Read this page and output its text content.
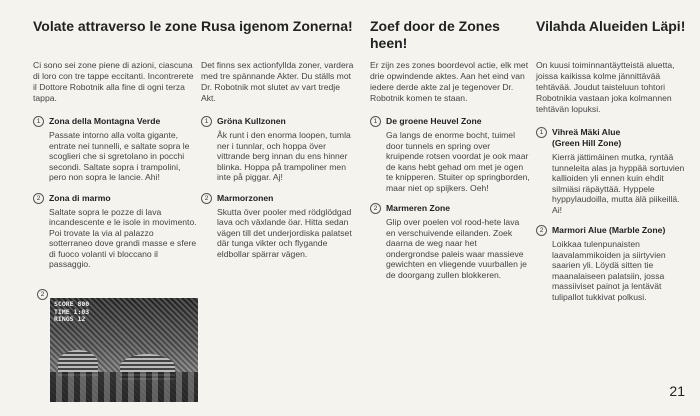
Volate attraverso le zone
Ci sono sei zone piene di azioni, ciascuna di loro con tre tappe eccitanti. Incontrerete il Dottore Robotnik alla fine di ogni terza tappa.
1	Zona della Montagna Verde
Passate intorno alla volta gigante, entrate nei tunnelli, e saltate sopra le scoglieri che si sgretolano in pocchi secondi. Saltate sopra i trampolini, pero non sopra le lancie. Ahi!
2	Zona di marmo
Saltate sopra le pozze di lava incandescente e le isole in movimento. Poi trovate la via al palazzo sotterraneo dove grandi masse e sfere di fuoco volanti vi bloccano il passaggio.
2
SCORE 800
TIME 1:03
RINGS 12
Rusa igenom Zonerna!
Det finns sex actionfyllda zoner, vardera med tre spännande Akter. Du ställs mot Dr. Robotnik mot slutet av vart tredje Akt.
1	Gröna Kullzonen
Åk runt i den enorma loopen, tumla ner i tunnlar, och hoppa över vittrande berg innan du ens hinner blinka. Hoppa på trampoliner men inte på piggar. Aj!
2	Marmorzonen
Skutta över pooler med rödglödgad lava och växlande öar. Hitta sedan vägen till det underjordiska palatset där tunga vikter och flygande eldbollar spärrar vägen.
Zoef door de Zones heen!
Er zijn zes zones boordevol actie, elk met drie opwindende aktes. Aan het eind van iedere derde akte zal je tegenover Dr. Robotnik komen te staan.
1	De groene Heuvel Zone
Ga langs de enorme bocht, tuimel door tunnels en spring over kruipende rotsen voordat je ook maar de kans hebt gehad om met je ogen te knipperen. Stuiter op springborden, maar niet op spijkers. Oeh!
2	Marmeren Zone
Glip over poelen vol rood-hete lava en verschuivende eilanden. Zoek daarna de weg naar het ondergrondse paleis waar massieve gewichten en vliegende vuurballen je de doorgang zullen blokkeren.
Vilahda Alueiden Läpi!
On kuusi toiminnantäytteistä aluetta, joissa kaikissa kolme jännittävää tehtävää. Joudut taisteluun tohtori Robotnikia vastaan joka kolmannen tehtävän lopuksi.
1	Vihreä Mäki Alue
(Green Hill Zone)
Kierrä jättimäinen mutka, ryntää tunneleita alas ja hyppää sortuvien kallioiden yli ennen kuin ehdit silmiäsi räpäyttää. Hyppele hyppylaudoilla, mutta älä piikeillä. Ai!
2	Marmori Alue (Marble Zone)
Loikkaa tulenpunaisten laavalammikoiden ja siirtyvien saarien yli. Löydä sitten tie maanalaiseen palatsiin, jossa massiiviset painot ja lentävät tulipallot tukkivat polkusi.
21
